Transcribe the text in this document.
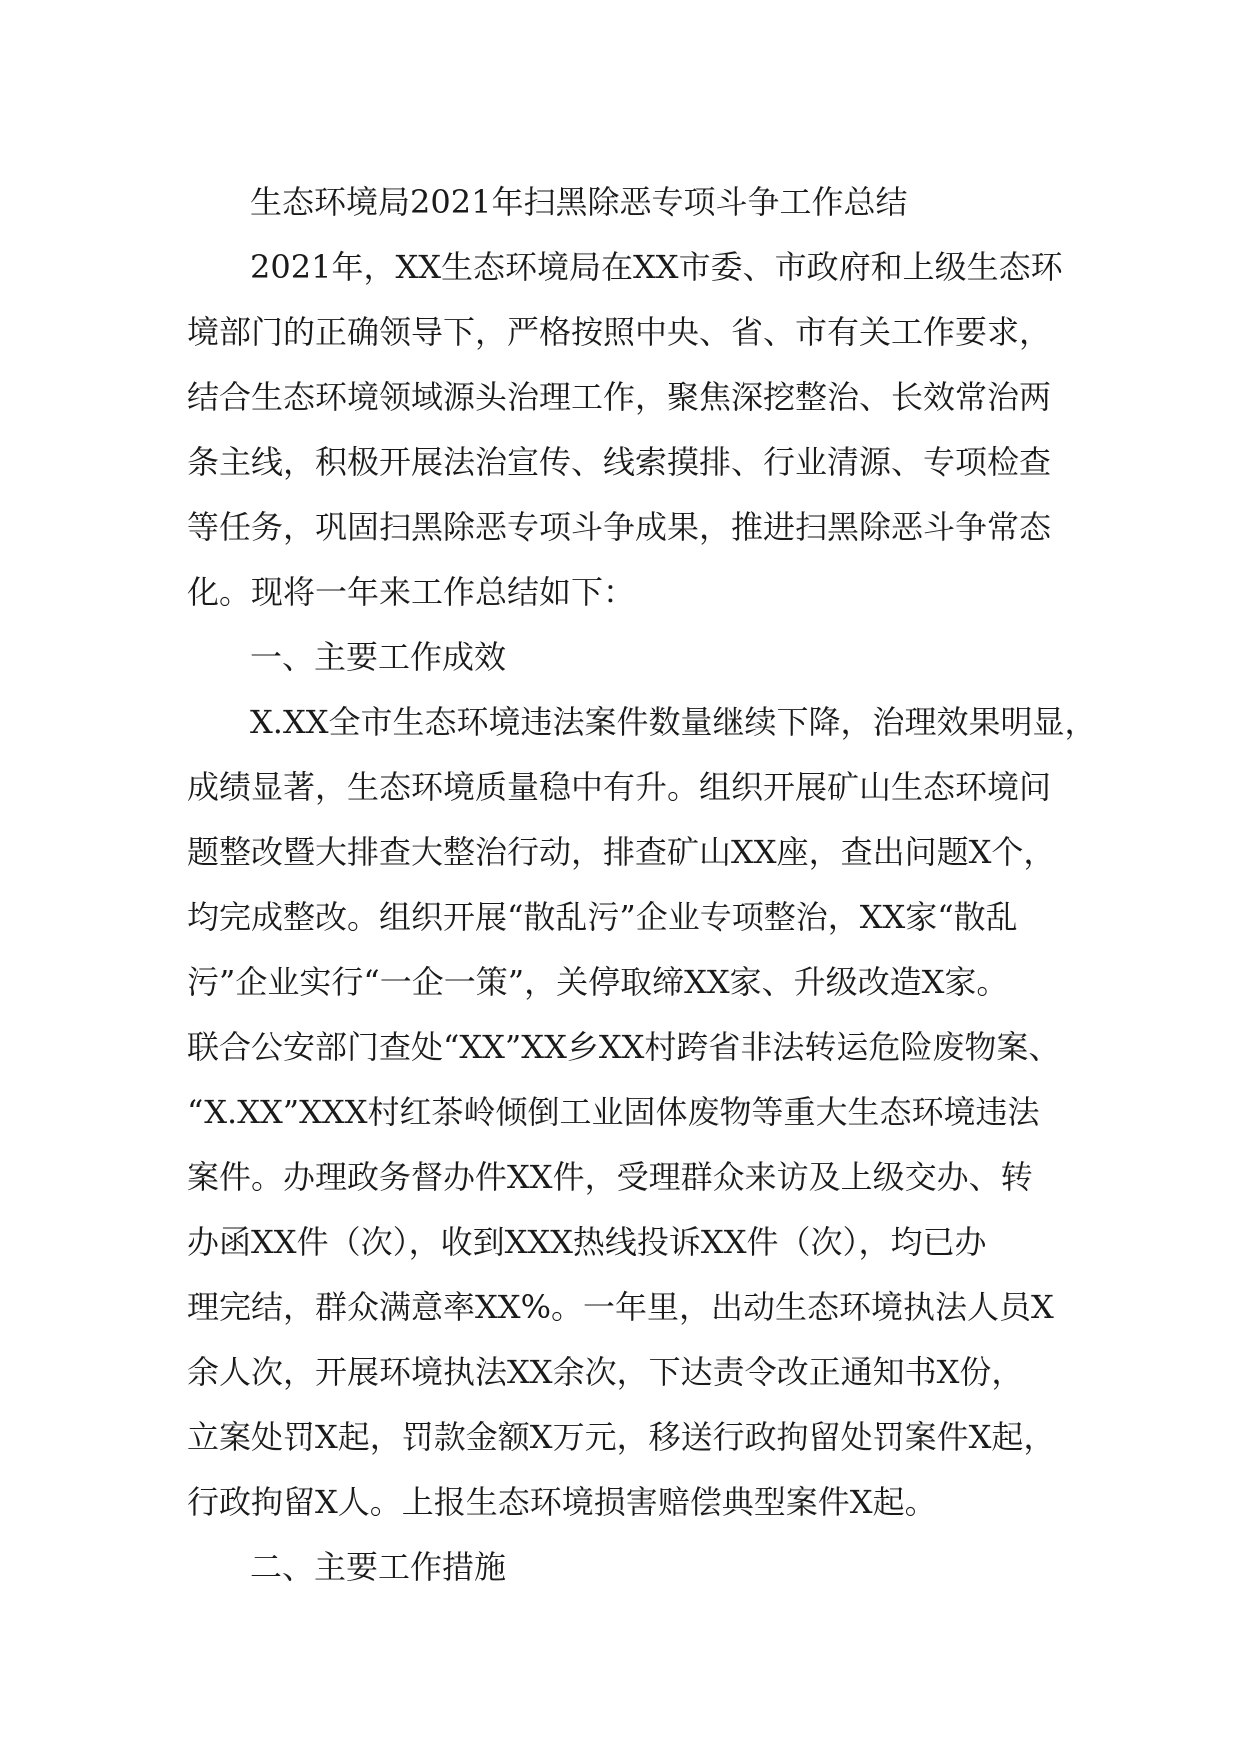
生态环境局2021年扫黑除恶专项斗争工作总结
2021年，XX生态环境局在XX市委、市政府和上级生态环
境部门的正确领导下，严格按照中央、省、市有关工作要求，
结合生态环境领域源头治理工作，聚焦深挖整治、长效常治两
条主线，积极开展法治宣传、线索摸排、行业清源、专项检查
等任务，巩固扫黑除恶专项斗争成果，推进扫黑除恶斗争常态
化。现将一年来工作总结如下：
一、主要工作成效
X.XX全市生态环境违法案件数量继续下降，治理效果明显，
成绩显著，生态环境质量稳中有升。组织开展矿山生态环境问
题整改暨大排查大整治行动，排查矿山XX座，查出问题X个，
均完成整改。组织开展“散乱污”企业专项整治，XX家“散乱
污”企业实行“一企一策”，关停取缔XX家、升级改造X家。
联合公安部门查处“XX”XX乡XX村跨省非法转运危险废物案、
“X.XX”XXX村红茶岭倾倒工业固体废物等重大生态环境违法
案件。办理政务督办件XX件，受理群众来访及上级交办、转
办函XX件（次），收到XXX热线投诉XX件（次），均已办
理完结，群众满意率XX%。一年里，出动生态环境执法人员X
余人次，开展环境执法XX余次，下达责令改正通知书X份，
立案处罚X起，罚款金额X万元，移送行政拘留处罚案件X起，
行政拘留X人。上报生态环境损害赔偿典型案件X起。
二、主要工作措施
